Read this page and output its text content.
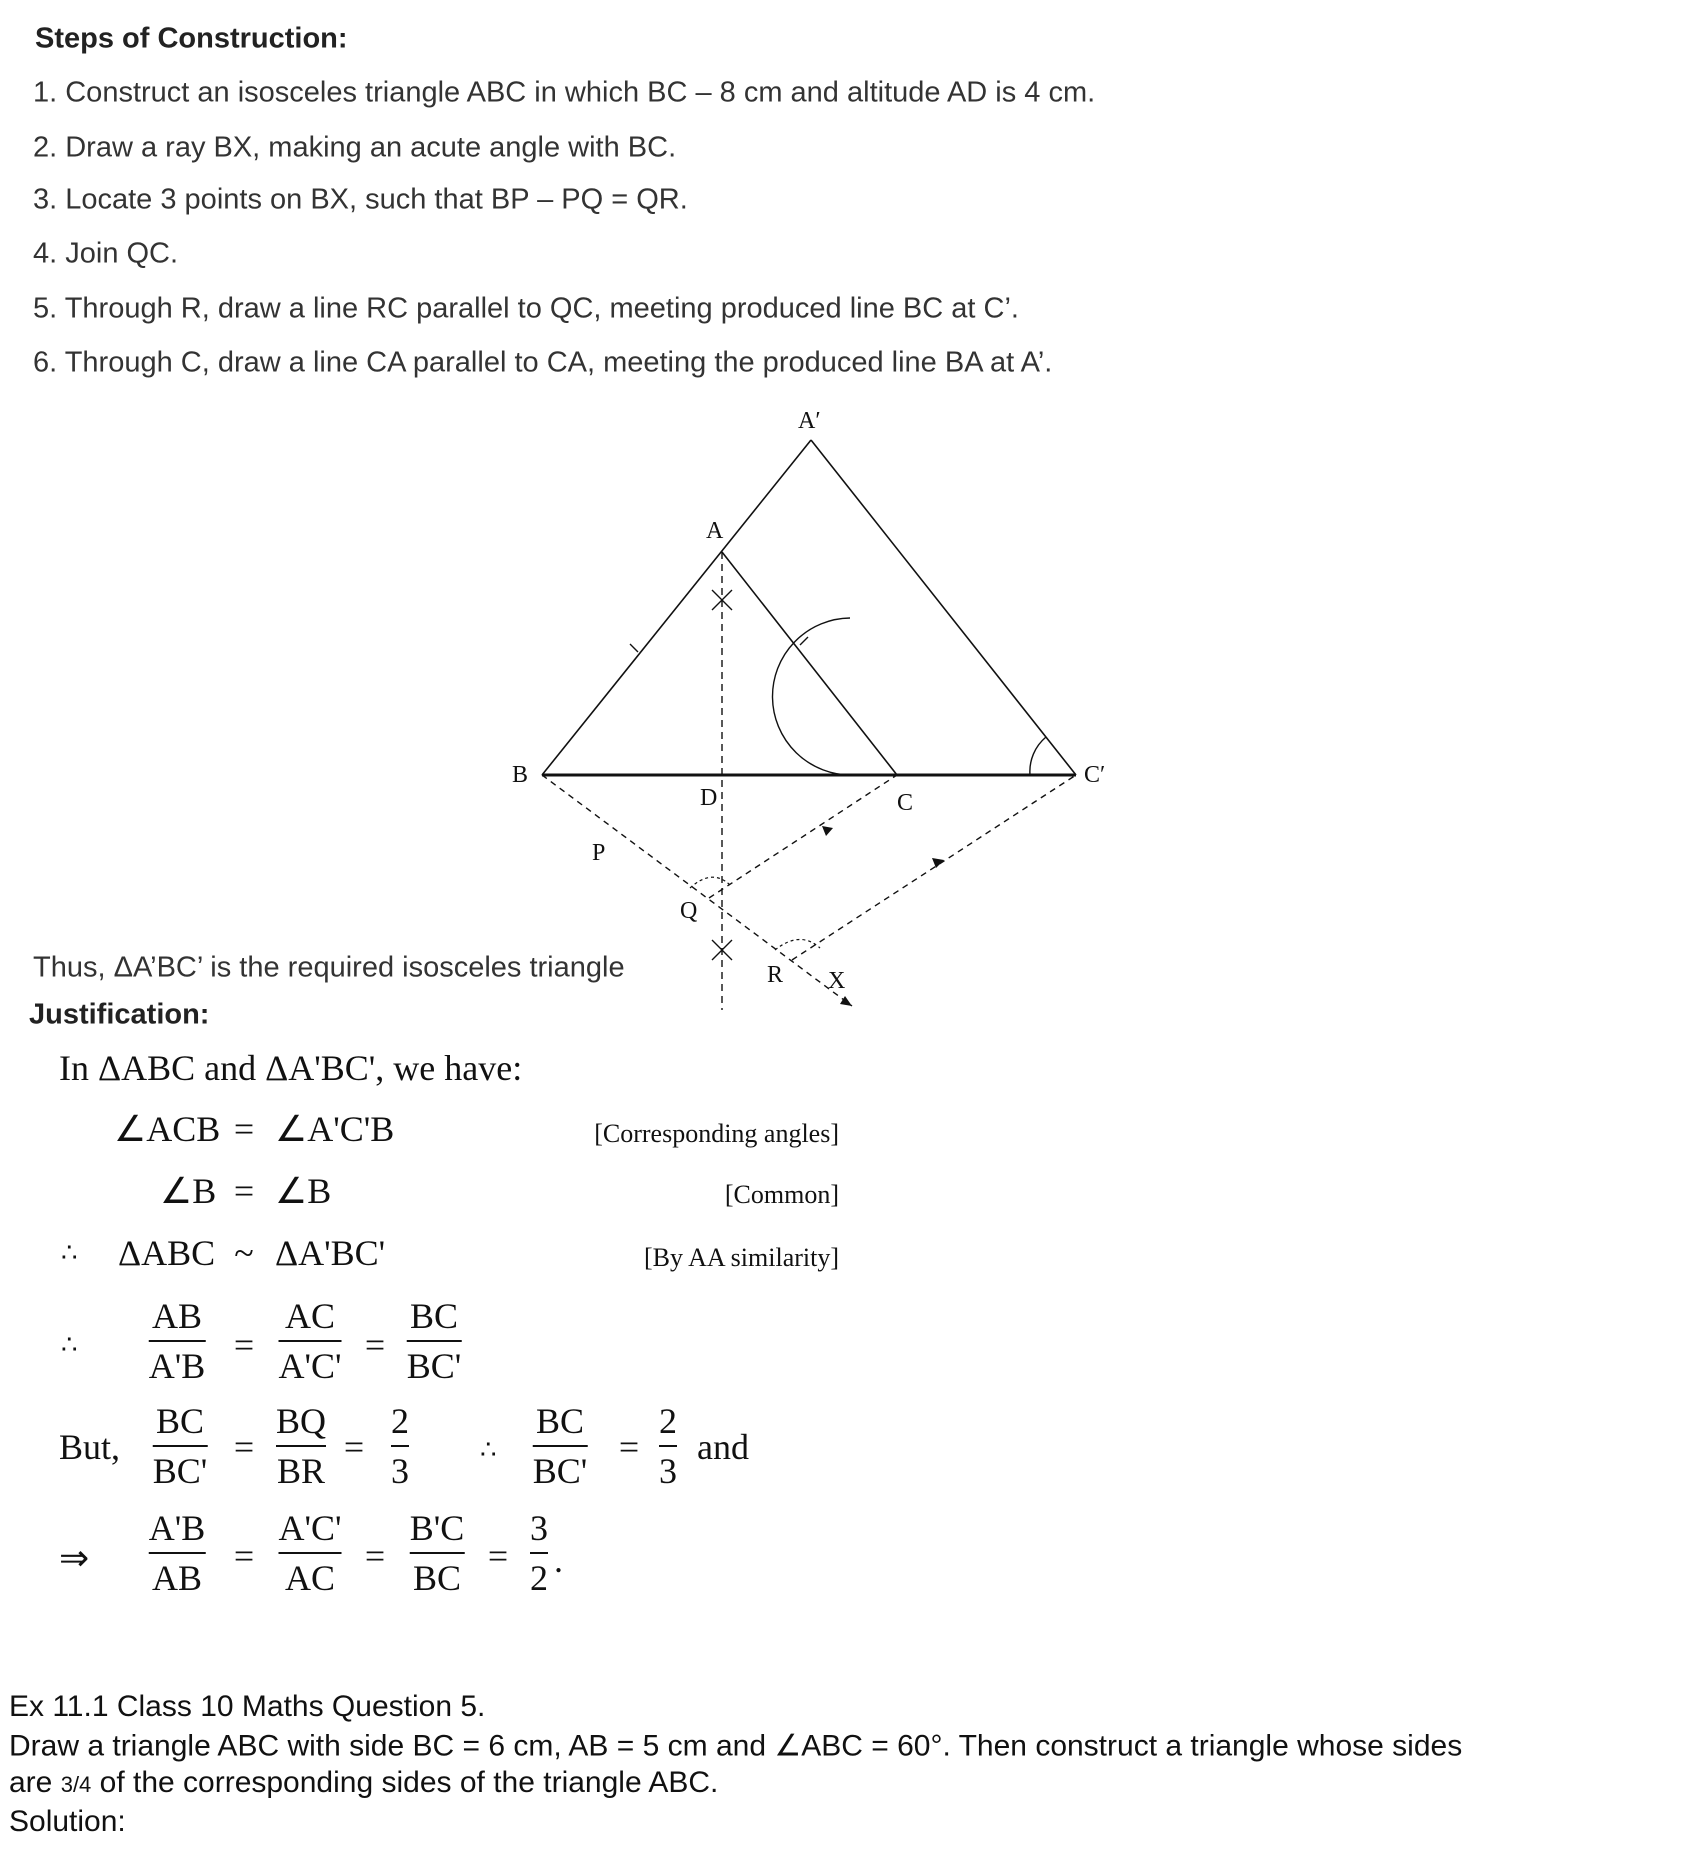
Steps of Construction:
1. Construct an isosceles triangle ABC in which BC – 8 cm and altitude AD is 4 cm.
2. Draw a ray BX, making an acute angle with BC.
3. Locate 3 points on BX, such that BP – PQ = QR.
4. Join QC.
5. Through R, draw a line RC parallel to QC, meeting produced line BC at C’.
6. Through C, draw a line CA parallel to CA, meeting the produced line BA at A’.
A′
A
B
D	C
C′
P
Q
R X
Thus, ΔA’BC’ is the required isosceles triangle
Justification:
In ΔABC and ΔA'BC', we have:
∠ACB = ∠A'C'B	[Corresponding angles]
∠B = ∠B	[Common]
∴ ΔABC ~ ΔA'BC'	[By AA similarity]
∴
AB
A'B
=
AC
A'C'
=
BC
BC'
But,
BC
BC'
=
BQ
BR
=
2
3
∴
BC
BC'
=
2
3
and
⇒
A'B
AB
=
A'C'
AC
=
B'C
BC
=
3
2 .
Ex 11.1 Class 10 Maths Question 5.
Draw a triangle ABC with side BC = 6 cm, AB = 5 cm and ∠ABC = 60°. Then construct a triangle whose sides
are 3/4 of the corresponding sides of the triangle ABC.
Solution:
